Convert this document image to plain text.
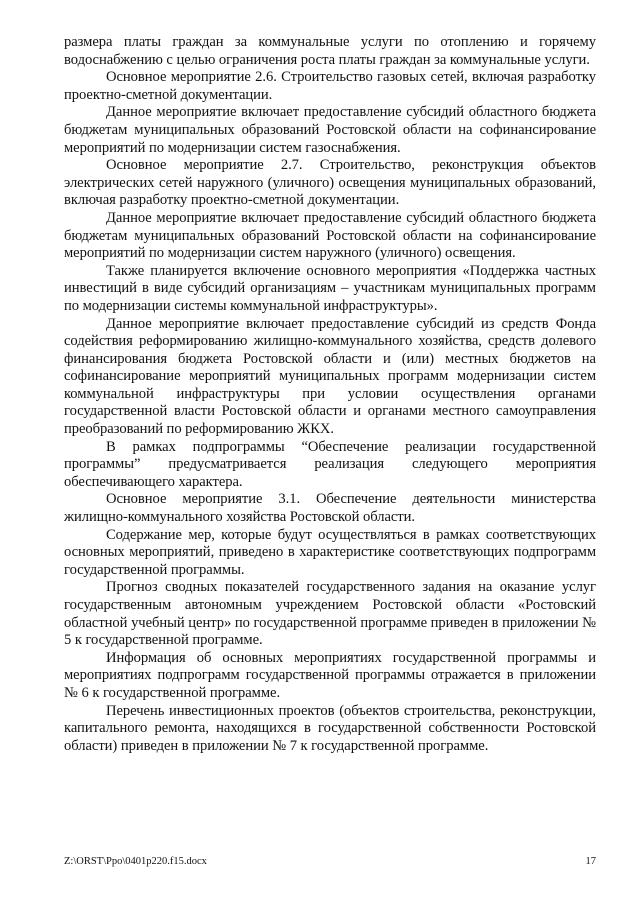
размера платы граждан за коммунальные услуги по отоплению и горячему водоснабжению с целью ограничения роста платы граждан за коммунальные услуги.

Основное мероприятие 2.6. Строительство газовых сетей, включая разработку проектно-сметной документации.

Данное мероприятие включает предоставление субсидий областного бюджета бюджетам муниципальных образований Ростовской области на софинансирование мероприятий по модернизации систем газоснабжения.

Основное мероприятие 2.7. Строительство, реконструкция объектов электрических сетей наружного (уличного) освещения муниципальных образований, включая разработку проектно-сметной документации.

Данное мероприятие включает предоставление субсидий областного бюджета бюджетам муниципальных образований Ростовской области на софинансирование мероприятий по модернизации систем наружного (уличного) освещения.

Также планируется включение основного мероприятия «Поддержка частных инвестиций в виде субсидий организациям – участникам муниципальных программ по модернизации системы коммунальной инфраструктуры».

Данное мероприятие включает предоставление субсидий из средств Фонда содействия реформированию жилищно-коммунального хозяйства, средств долевого финансирования бюджета Ростовской области и (или) местных бюджетов на софинансирование мероприятий муниципальных программ модернизации систем коммунальной инфраструктуры при условии осуществления органами государственной власти Ростовской области и органами местного самоуправления преобразований по реформированию ЖКХ.

В рамках подпрограммы “Обеспечение реализации государственной программы” предусматривается реализация следующего мероприятия обеспечивающего характера.

Основное мероприятие 3.1. Обеспечение деятельности министерства жилищно-коммунального хозяйства Ростовской области.

Содержание мер, которые будут осуществляться в рамках соответствующих основных мероприятий, приведено в характеристике соответствующих подпрограмм государственной программы.

Прогноз сводных показателей государственного задания на оказание услуг государственным автономным учреждением Ростовской области «Ростовский областной учебный центр» по государственной программе приведен в приложении № 5 к государственной программе.

Информация об основных мероприятиях государственной программы и мероприятиях подпрограмм государственной программы отражается в приложении № 6 к государственной программе.

Перечень инвестиционных проектов (объектов строительства, реконструкции, капитального ремонта, находящихся в государственной собственности Ростовской области) приведен в приложении № 7 к государственной программе.

Z:\ORST\Ppo\0401p220.f15.docx	17
